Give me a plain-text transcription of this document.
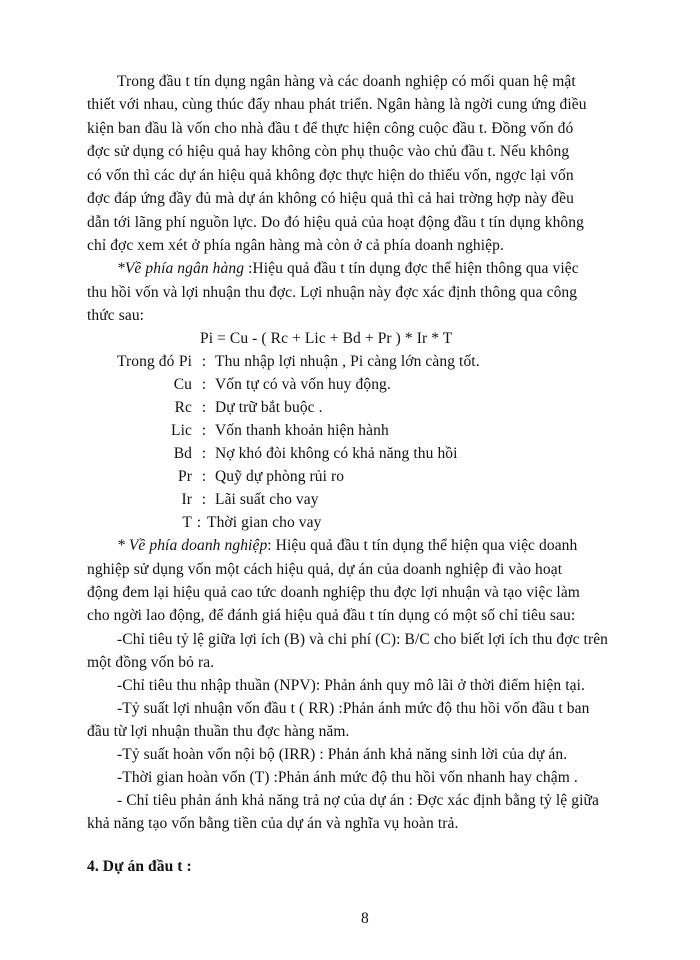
Trong đầu t tín dụng ngân hàng và các doanh nghiệp có mối quan hệ mật
thiết với nhau, cùng thúc đẩy nhau phát triển. Ngân hàng là ngời cung ứng điều
kiện ban đầu là vốn cho nhà đầu t để thực hiện công cuộc đầu t. Đồng vốn đó
đợc sử dụng có hiệu quả hay không còn phụ thuộc vào chủ đầu t. Nếu không
có vốn thì các dự án hiệu quả không đợc thực hiện do thiếu vốn, ngợc lại vốn
đợc đáp ứng đầy đủ mà dự án không có hiệu quả thì cả hai trờng hợp này đều
dẫn tới lãng phí nguồn lực. Do đó hiệu quả của hoạt động đầu t tín dụng không
chỉ đợc xem xét ở phía ngân hàng mà còn ở cả phía doanh nghiệp.
*Về phía ngân hàng :Hiệu quả đầu t tín dụng đợc thể hiện thông qua việc
thu hồi vốn và lợi nhuận thu đợc. Lợi nhuận này đợc xác định thông qua công
thức sau:
Pi = Cu - ( Rc + Lic + Bd + Pr ) * Ir * T
Trong đó Pi : Thu nhập lợi nhuận , Pi càng lớn càng tốt.
Cu : Vốn tự có và vốn huy động.
Rc : Dự trữ bắt buộc .
Lic : Vốn thanh khoản hiện hành
Bd : Nợ khó đòi không có khả năng thu hồi
Pr : Quỹ dự phòng rủi ro
Ir : Lãi suất cho vay
T : Thời gian cho vay
* Về phía doanh nghiệp: Hiệu quả đầu t tín dụng thể hiện qua việc doanh
nghiệp sử dụng vốn một cách hiệu quả, dự án của doanh nghiệp đi vào hoạt
động đem lại hiệu quả cao tức doanh nghiệp thu đợc lợi nhuận và tạo việc làm
cho ngời lao động, để đánh giá hiệu quả đầu t tín dụng có một số chỉ tiêu sau:
-Chỉ tiêu tỷ lệ giữa lợi ích (B) và chi phí (C): B/C cho biết lợi ích thu đợc trên
một đồng vốn bỏ ra.
-Chỉ tiêu thu nhập thuần (NPV): Phản ánh quy mô lãi ở thời điểm hiện tại.
-Tỷ suất lợi nhuận vốn đầu t ( RR) :Phản ánh mức độ thu hồi vốn đầu t ban
đầu từ lợi nhuận thuần thu đợc hàng năm.
-Tỷ suất hoàn vốn nội bộ (IRR) : Phản ánh khả năng sinh lời của dự án.
-Thời gian hoàn vốn (T) :Phản ánh mức độ thu hồi vốn nhanh hay chậm .
- Chỉ tiêu phản ánh khả năng trả nợ của dự án : Đợc xác định bằng tỷ lệ giữa
khả năng tạo vốn bằng tiền của dự án và nghĩa vụ hoàn trả.
4. Dự án đầu t :
8
